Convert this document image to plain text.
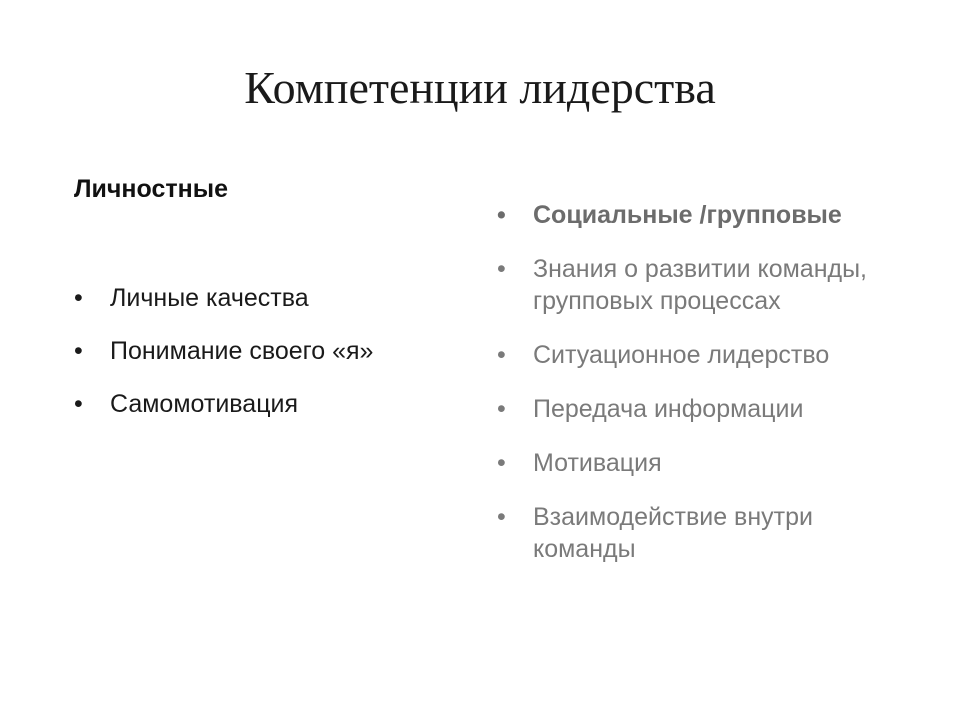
Компетенции лидерства
Личностные
• Личные качества
• Понимание своего «я»
• Самомотивация
• Социальные /групповые
• Знания о развитии команды, групповых процессах
• Ситуационное лидерство
• Передача информации
• Мотивация
• Взаимодействие внутри команды
